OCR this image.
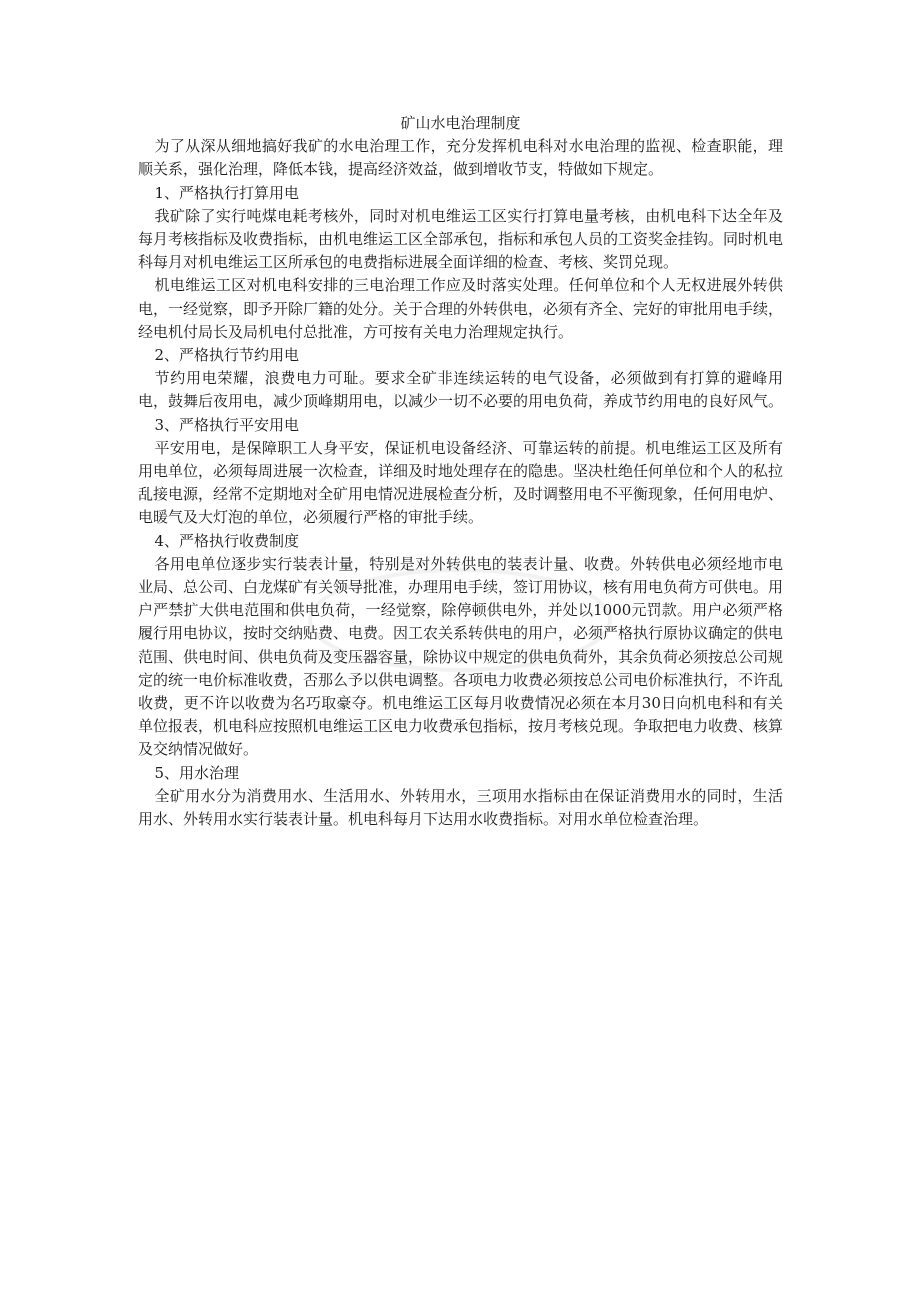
矿山水电治理制度

为了从深从细地搞好我矿的水电治理工作，充分发挥机电科对水电治理的监视、检查职能，理顺关系，强化治理，降低本钱，提高经济效益，做到增收节支，特做如下规定。

1、严格执行打算用电

我矿除了实行吨煤电耗考核外，同时对机电维运工区实行打算电量考核，由机电科下达全年及每月考核指标及收费指标，由机电维运工区全部承包，指标和承包人员的工资奖金挂钩。同时机电科每月对机电维运工区所承包的电费指标进展全面详细的检查、考核、奖罚兑现。

机电维运工区对机电科安排的三电治理工作应及时落实处理。任何单位和个人无权进展外转供电，一经觉察，即予开除厂籍的处分。关于合理的外转供电，必须有齐全、完好的审批用电手续，经电机付局长及局机电付总批准，方可按有关电力治理规定执行。

2、严格执行节约用电

节约用电荣耀，浪费电力可耻。要求全矿非连续运转的电气设备，必须做到有打算的避峰用电，鼓舞后夜用电，减少顶峰期用电，以减少一切不必要的用电负荷，养成节约用电的良好风气。

3、严格执行平安用电

平安用电，是保障职工人身平安，保证机电设备经济、可靠运转的前提。机电维运工区及所有用电单位，必须每周进展一次检查，详细及时地处理存在的隐患。坚决杜绝任何单位和个人的私拉乱接电源，经常不定期地对全矿用电情况进展检查分析，及时调整用电不平衡现象，任何用电炉、电暖气及大灯泡的单位，必须履行严格的审批手续。

4、严格执行收费制度

各用电单位逐步实行装表计量，特别是对外转供电的装表计量、收费。外转供电必须经地市电业局、总公司、白龙煤矿有关领导批准，办理用电手续，签订用协议，核有用电负荷方可供电。用户严禁扩大供电范围和供电负荷，一经觉察，除停顿供电外，并处以1000元罚款。用户必须严格履行用电协议，按时交纳贴费、电费。因工农关系转供电的用户，必须严格执行原协议确定的供电范围、供电时间、供电负荷及变压器容量，除协议中规定的供电负荷外，其余负荷必须按总公司规定的统一电价标准收费，否那么予以供电调整。各项电力收费必须按总公司电价标准执行，不许乱收费，更不许以收费为名巧取豪夺。机电维运工区每月收费情况必须在本月30日向机电科和有关单位报表，机电科应按照机电维运工区电力收费承包指标，按月考核兑现。争取把电力收费、核算及交纳情况做好。

5、用水治理

全矿用水分为消费用水、生活用水、外转用水，三项用水指标由在保证消费用水的同时，生活用水、外转用水实行装表计量。机电科每月下达用水收费指标。对用水单位检查治理。
